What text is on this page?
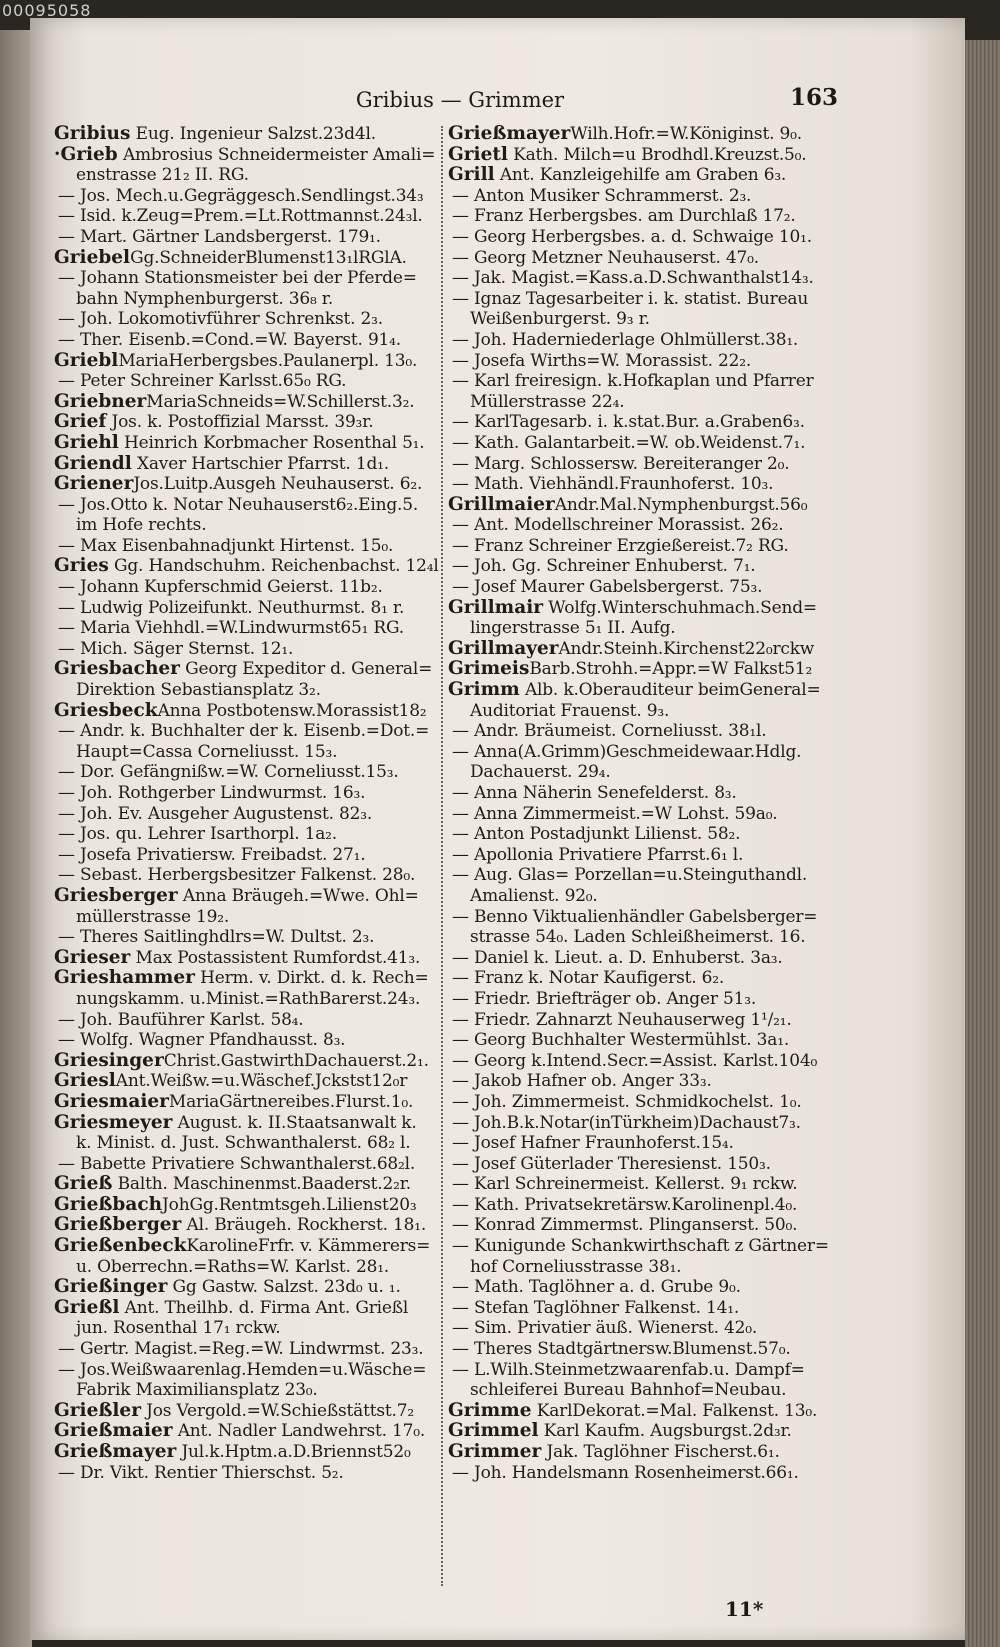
00095058
Gribius — Grimmer	163
Gribius Eug. Ingenieur Salzst.23d4l.
·Grieb Ambrosius Schneidermeister Amali=
enstrasse 21₂ II. RG.
— Jos. Mech.u.Gegräggesch.Sendlingst.34₃
— Isid. k.Zeug=Prem.=Lt.Rottmannst.24₃l.
— Mart. Gärtner Landsbergerst. 179₁.
GriebelGg.SchneiderBlumenst13₁lRGlA.
— Johann Stationsmeister bei der Pferde=
bahn Nymphenburgerst. 36₈ r.
— Joh. Lokomotivführer Schrenkst. 2₃.
— Ther. Eisenb.=Cond.=W. Bayerst. 91₄.
GrieblMariaHerbergsbes.Paulanerpl. 13₀.
— Peter Schreiner Karlsst.65₀ RG.
GriebnerMariaSchneids=W.Schillerst.3₂.
Grief Jos. k. Postoffizial Marsst. 39₃r.
Griehl Heinrich Korbmacher Rosenthal 5₁.
Griendl Xaver Hartschier Pfarrst. 1d₁.
GrienerJos.Luitp.Ausgeh Neuhauserst. 6₂.
— Jos.Otto k. Notar Neuhauserst6₂.Eing.5.
im Hofe rechts.
— Max Eisenbahnadjunkt Hirtenst. 15₀.
Gries Gg. Handschuhm. Reichenbachst. 12₄l
— Johann Kupferschmid Geierst. 11b₂.
— Ludwig Polizeifunkt. Neuthurmst. 8₁ r.
— Maria Viehhdl.=W.Lindwurmst65₁ RG.
— Mich. Säger Sternst. 12₁.
Griesbacher Georg Expeditor d. General=
Direktion Sebastiansplatz 3₂.
GriesbeckAnna Postbotensw.Morassist18₂
— Andr. k. Buchhalter der k. Eisenb.=Dot.=
Haupt=Cassa Corneliusst. 15₃.
— Dor. Gefängnißw.=W. Corneliusst.15₃.
— Joh. Rothgerber Lindwurmst. 16₃.
— Joh. Ev. Ausgeher Augustenst. 82₃.
— Jos. qu. Lehrer Isarthorpl. 1a₂.
— Josefa Privatiersw. Freibadst. 27₁.
— Sebast. Herbergsbesitzer Falkenst. 28₀.
Griesberger Anna Bräugeh.=Wwe. Ohl=
müllerstrasse 19₂.
— Theres Saitlinghdlrs=W. Dultst. 2₃.
Grieser Max Postassistent Rumfordst.41₃.
Grieshammer Herm. v. Dirkt. d. k. Rech=
nungskamm. u.Minist.=RathBarerst.24₃.
— Joh. Bauführer Karlst. 58₄.
— Wolfg. Wagner Pfandhausst. 8₃.
GriesingerChrist.GastwirthDachauerst.2₁.
GrieslAnt.Weißw.=u.Wäschef.Jckstst12₀r
GriesmaierMariaGärtnereibes.Flurst.1₀.
Griesmeyer August. k. II.Staatsanwalt k.
k. Minist. d. Just. Schwanthalerst. 68₂ l.
— Babette Privatiere Schwanthalerst.68₂l.
Grieß Balth. Maschinenmst.Baaderst.2₂r.
GrießbachJohGg.Rentmtsgeh.Lilienst20₃
Grießberger Al. Bräugeh. Rockherst. 18₁.
GrießenbeckKarolineFrfr. v. Kämmerers=
u. Oberrechn.=Raths=W. Karlst. 28₁.
Grießinger Gg Gastw. Salzst. 23d₀ u. ₁.
Grießl Ant. Theilhb. d. Firma Ant. Grießl
jun. Rosenthal 17₁ rckw.
— Gertr. Magist.=Reg.=W. Lindwrmst. 23₃.
— Jos.Weißwaarenlag.Hemden=u.Wäsche=
Fabrik Maximiliansplatz 23₀.
Grießler Jos Vergold.=W.Schießstättst.7₂
Grießmaier Ant. Nadler Landwehrst. 17₀.
Grießmayer Jul.k.Hptm.a.D.Briennst52₀
— Dr. Vikt. Rentier Thierschst. 5₂.
GrießmayerWilh.Hofr.=W.Königinst. 9₀.
Grietl Kath. Milch=u Brodhdl.Kreuzst.5₀.
Grill Ant. Kanzleigehilfe am Graben 6₃.
— Anton Musiker Schrammerst. 2₃.
— Franz Herbergsbes. am Durchlaß 17₂.
— Georg Herbergsbes. a. d. Schwaige 10₁.
— Georg Metzner Neuhauserst. 47₀.
— Jak. Magist.=Kass.a.D.Schwanthalst14₃.
— Ignaz Tagesarbeiter i. k. statist. Bureau
Weißenburgerst. 9₃ r.
— Joh. Haderniederlage Ohlmüllerst.38₁.
— Josefa Wirths=W. Morassist. 22₂.
— Karl freiresign. k.Hofkaplan und Pfarrer
Müllerstrasse 22₄.
— KarlTagesarb. i. k.stat.Bur. a.Graben6₃.
— Kath. Galantarbeit.=W. ob.Weidenst.7₁.
— Marg. Schlossersw. Bereiteranger 2₀.
— Math. Viehhändl.Fraunhoferst. 10₃.
GrillmaierAndr.Mal.Nymphenburgst.56₀
— Ant. Modellschreiner Morassist. 26₂.
— Franz Schreiner Erzgießereist.7₂ RG.
— Joh. Gg. Schreiner Enhuberst. 7₁.
— Josef Maurer Gabelsbergerst. 75₃.
Grillmair Wolfg.Winterschuhmach.Send=
lingerstrasse 5₁ II. Aufg.
GrillmayerAndr.Steinh.Kirchenst22₀rckw
GrimeisBarb.Strohh.=Appr.=W Falkst51₂
Grimm Alb. k.Oberauditeur beimGeneral=
Auditoriat Frauenst. 9₃.
— Andr. Bräumeist. Corneliusst. 38₁l.
— Anna(A.Grimm)Geschmeidewaar.Hdlg.
Dachauerst. 29₄.
— Anna Näherin Senefelderst. 8₃.
— Anna Zimmermeist.=W Lohst. 59a₀.
— Anton Postadjunkt Lilienst. 58₂.
— Apollonia Privatiere Pfarrst.6₁ l.
— Aug. Glas= Porzellan=u.Steinguthandl.
Amalienst. 92₀.
— Benno Viktualienhändler Gabelsberger=
strasse 54₀. Laden Schleißheimerst. 16.
— Daniel k. Lieut. a. D. Enhuberst. 3a₃.
— Franz k. Notar Kaufigerst. 6₂.
— Friedr. Briefträger ob. Anger 51₃.
— Friedr. Zahnarzt Neuhauserweg 1¹/₂₁.
— Georg Buchhalter Westermühlst. 3a₁.
— Georg k.Intend.Secr.=Assist. Karlst.104₀
— Jakob Hafner ob. Anger 33₃.
— Joh. Zimmermeist. Schmidkochelst. 1₀.
— Joh.B.k.Notar(inTürkheim)Dachaust7₃.
— Josef Hafner Fraunhoferst.15₄.
— Josef Güterlader Theresienst. 150₃.
— Karl Schreinermeist. Kellerst. 9₁ rckw.
— Kath. Privatsekretärsw.Karolinenpl.4₀.
— Konrad Zimmermst. Plinganserst. 50₀.
— Kunigunde Schankwirthschaft z Gärtner=
hof Corneliusstrasse 38₁.
— Math. Taglöhner a. d. Grube 9₀.
— Stefan Taglöhner Falkenst. 14₁.
— Sim. Privatier äuß. Wienerst. 42₀.
— Theres Stadtgärtnersw.Blumenst.57₀.
— L.Wilh.Steinmetzwaarenfab.u. Dampf=
schleiferei Bureau Bahnhof=Neubau.
Grimme KarlDekorat.=Mal. Falkenst. 13₀.
Grimmel Karl Kaufm. Augsburgst.2d₃r.
Grimmer Jak. Taglöhner Fischerst.6₁.
— Joh. Handelsmann Rosenheimerst.66₁.
11*
